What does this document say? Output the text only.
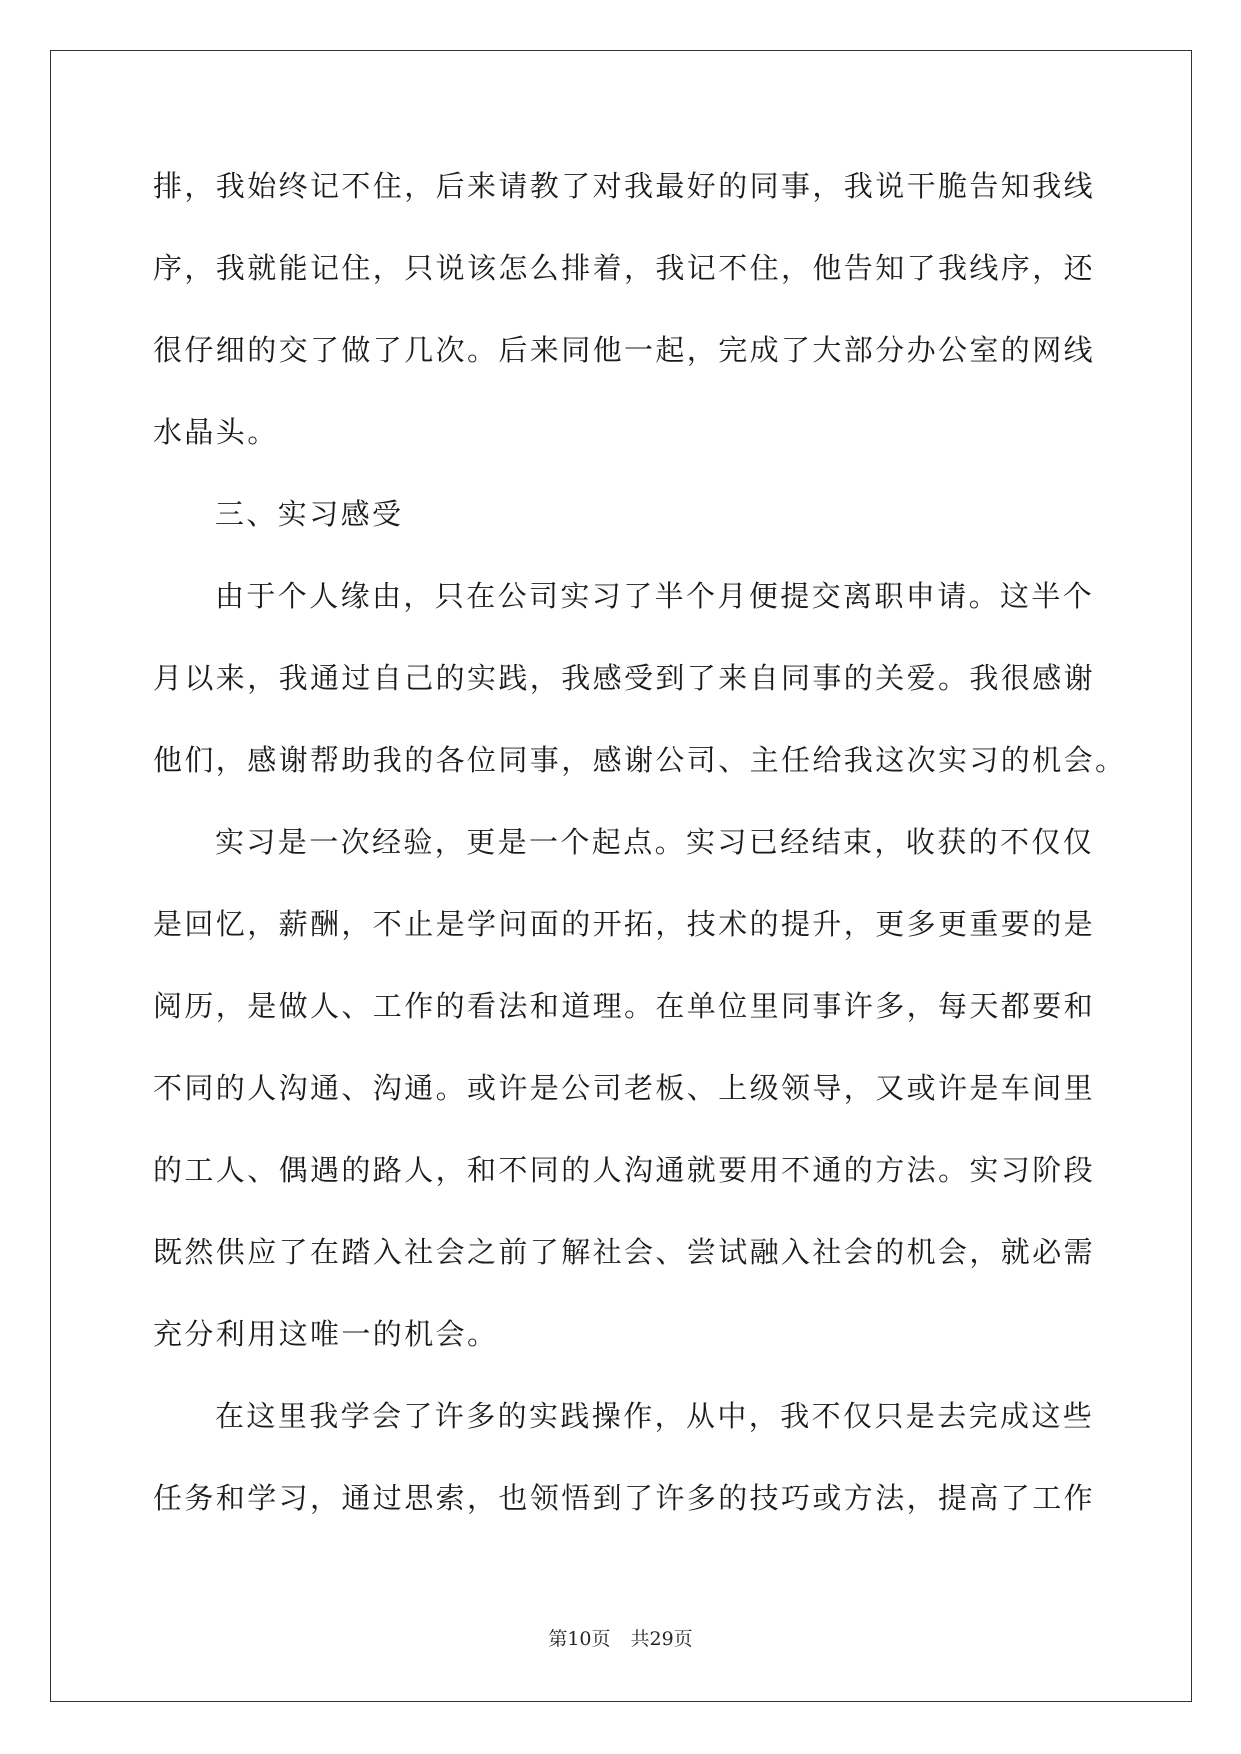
排，我始终记不住，后来请教了对我最好的同事，我说干脆告知我线
序，我就能记住，只说该怎么排着，我记不住，他告知了我线序，还
很仔细的交了做了几次。后来同他一起，完成了大部分办公室的网线
水晶头。
三、实习感受
由于个人缘由，只在公司实习了半个月便提交离职申请。这半个
月以来，我通过自己的实践，我感受到了来自同事的关爱。我很感谢
他们，感谢帮助我的各位同事，感谢公司、主任给我这次实习的机会。
实习是一次经验，更是一个起点。实习已经结束，收获的不仅仅
是回忆，薪酬，不止是学问面的开拓，技术的提升，更多更重要的是
阅历，是做人、工作的看法和道理。在单位里同事许多，每天都要和
不同的人沟通、沟通。或许是公司老板、上级领导，又或许是车间里
的工人、偶遇的路人，和不同的人沟通就要用不通的方法。实习阶段
既然供应了在踏入社会之前了解社会、尝试融入社会的机会，就必需
充分利用这唯一的机会。
在这里我学会了许多的实践操作，从中，我不仅只是去完成这些
任务和学习，通过思索，也领悟到了许多的技巧或方法，提高了工作
第10页 共29页
